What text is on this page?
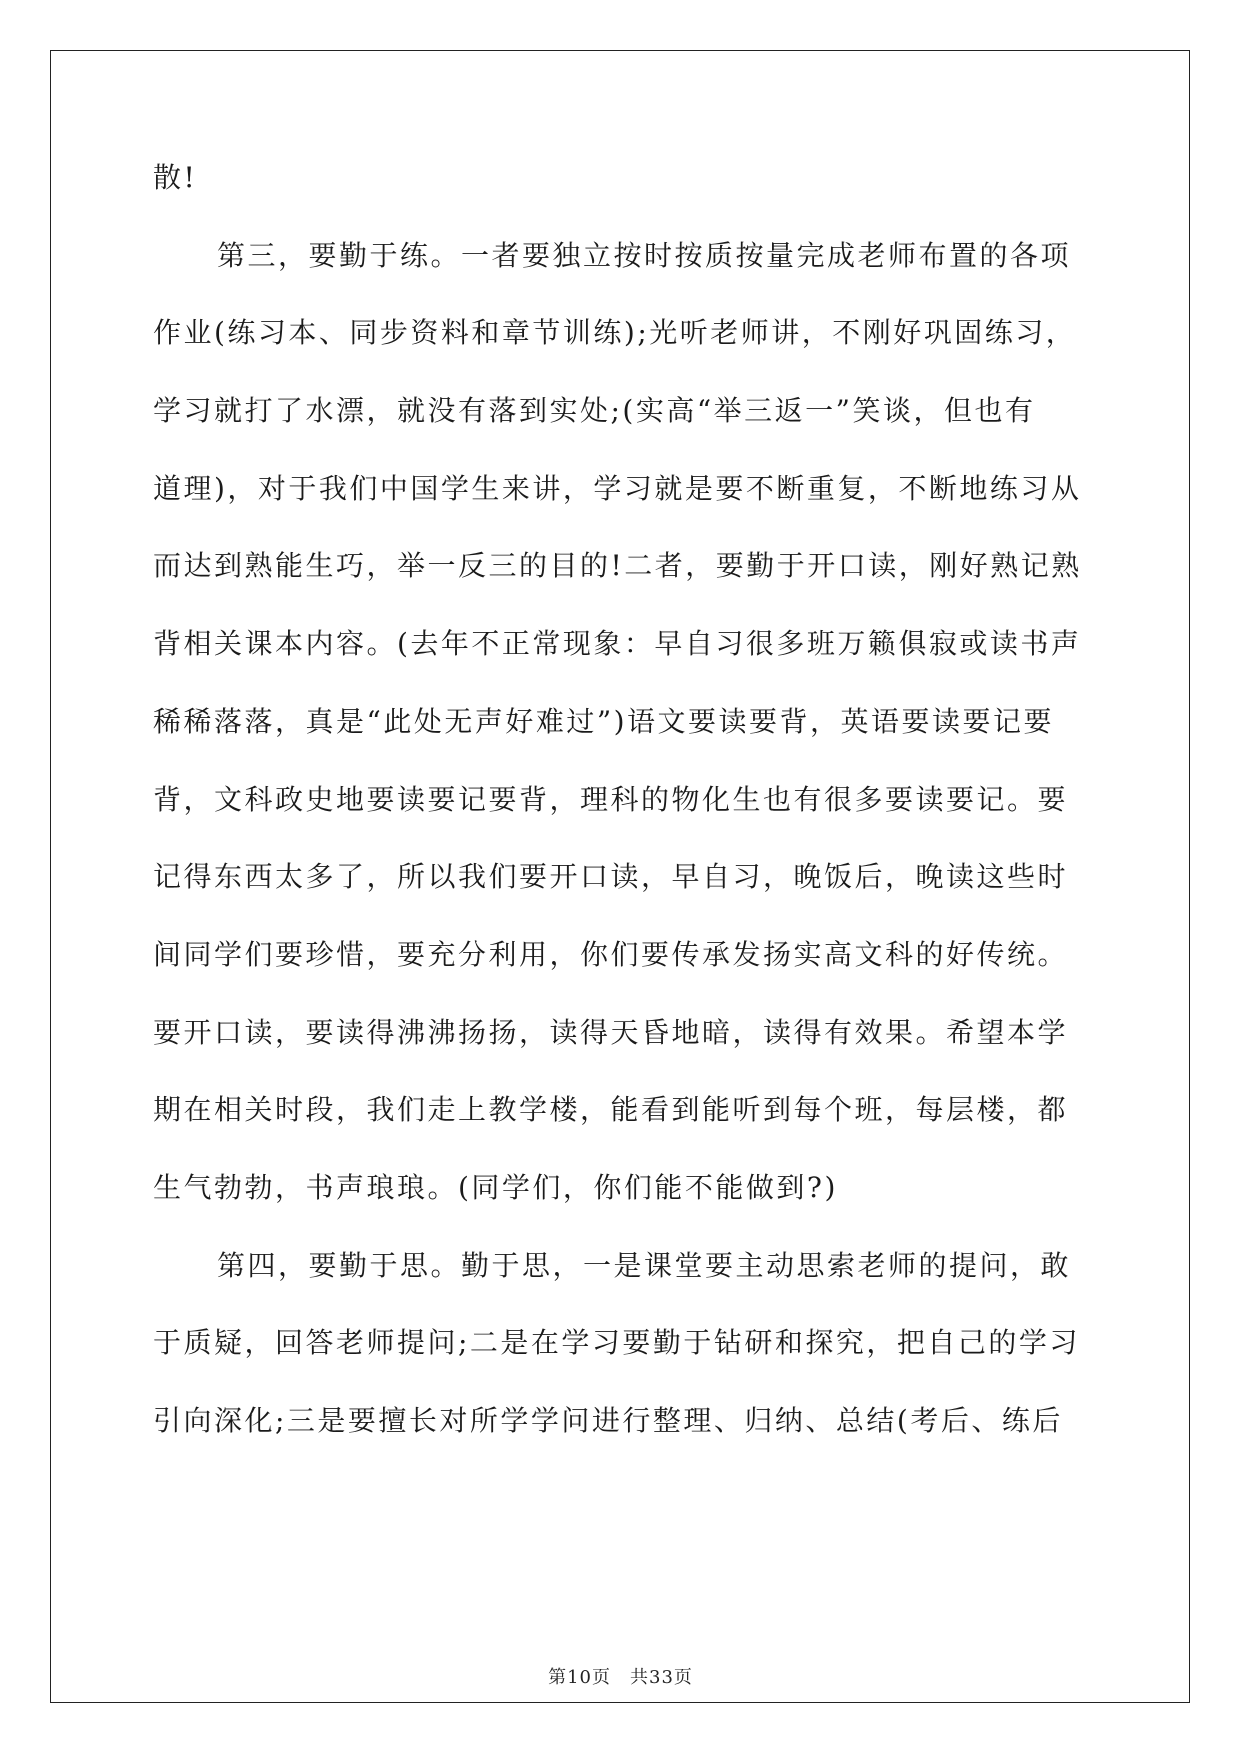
散!
第三，要勤于练。一者要独立按时按质按量完成老师布置的各项
作业(练习本、同步资料和章节训练);光听老师讲，不刚好巩固练习，
学习就打了水漂，就没有落到实处;(实高“举三返一”笑谈，但也有
道理)，对于我们中国学生来讲，学习就是要不断重复，不断地练习从
而达到熟能生巧，举一反三的目的!二者，要勤于开口读，刚好熟记熟
背相关课本内容。(去年不正常现象：早自习很多班万籁俱寂或读书声
稀稀落落，真是“此处无声好难过”)语文要读要背，英语要读要记要
背，文科政史地要读要记要背，理科的物化生也有很多要读要记。要
记得东西太多了，所以我们要开口读，早自习，晚饭后，晚读这些时
间同学们要珍惜，要充分利用，你们要传承发扬实高文科的好传统。
要开口读，要读得沸沸扬扬，读得天昏地暗，读得有效果。希望本学
期在相关时段，我们走上教学楼，能看到能听到每个班，每层楼，都
生气勃勃，书声琅琅。(同学们，你们能不能做到?)
第四，要勤于思。勤于思，一是课堂要主动思索老师的提问，敢
于质疑，回答老师提问;二是在学习要勤于钻研和探究，把自己的学习
引向深化;三是要擅长对所学学问进行整理、归纳、总结(考后、练后
第10页　共33页
